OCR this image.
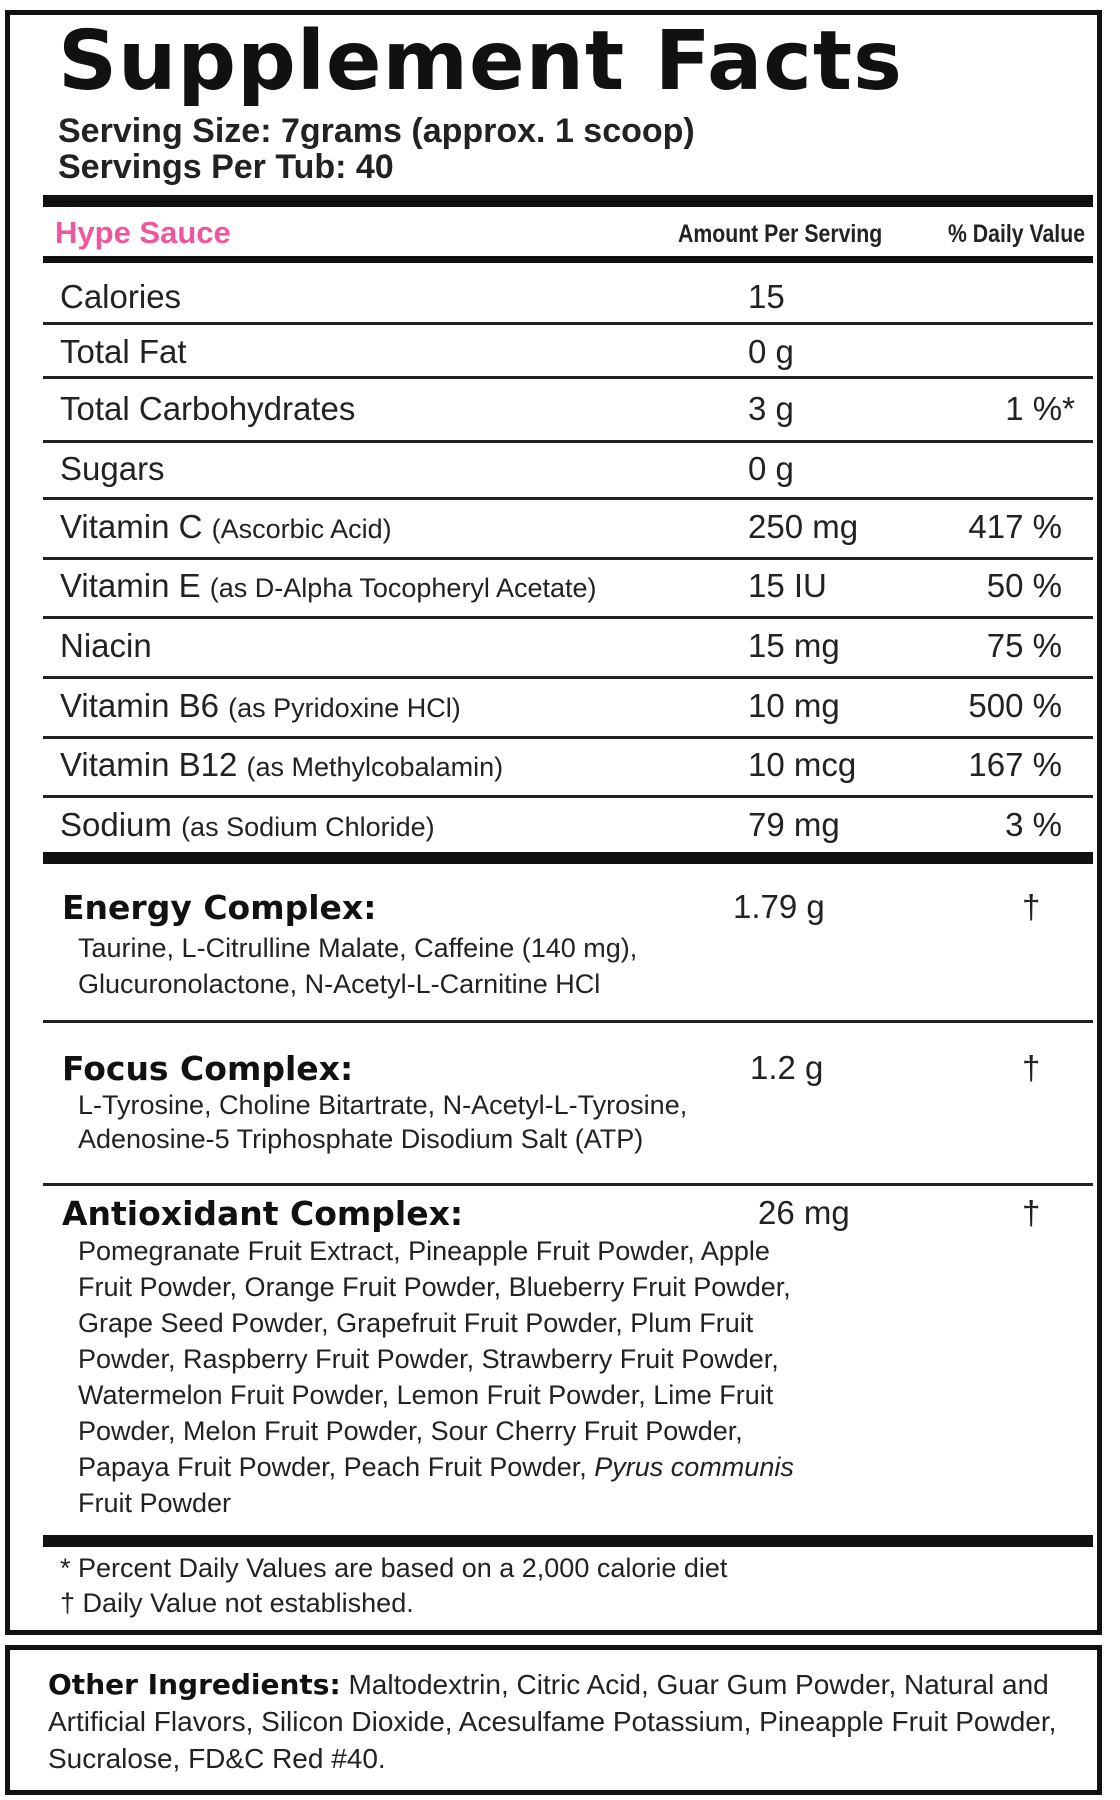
Supplement Facts
Serving Size: 7grams (approx. 1 scoop)
Servings Per Tub: 40
Hype Sauce	Amount Per Serving	% Daily Value
Calories	15
Total Fat	0 g
Total Carbohydrates	3 g	1 %*
Sugars	0 g
Vitamin C (Ascorbic Acid)	250 mg	417 %
Vitamin E (as D-Alpha Tocopheryl Acetate)	15 IU	50 %
Niacin	15 mg	75 %
Vitamin B6 (as Pyridoxine HCl)	10 mg	500 %
Vitamin B12 (as Methylcobalamin)	10 mcg	167 %
Sodium (as Sodium Chloride)	79 mg	3 %
Energy Complex:	1.79 g	†
Taurine, L-Citrulline Malate, Caffeine (140 mg), Glucuronolactone, N-Acetyl-L-Carnitine HCl
Focus Complex:	1.2 g	†
L-Tyrosine, Choline Bitartrate, N-Acetyl-L-Tyrosine, Adenosine-5 Triphosphate Disodium Salt (ATP)
Antioxidant Complex:	26 mg	†
Pomegranate Fruit Extract, Pineapple Fruit Powder, Apple Fruit Powder, Orange Fruit Powder, Blueberry Fruit Powder, Grape Seed Powder, Grapefruit Fruit Powder, Plum Fruit Powder, Raspberry Fruit Powder, Strawberry Fruit Powder, Watermelon Fruit Powder, Lemon Fruit Powder, Lime Fruit Powder, Melon Fruit Powder, Sour Cherry Fruit Powder, Papaya Fruit Powder, Peach Fruit Powder, Pyrus communis Fruit Powder
* Percent Daily Values are based on a 2,000 calorie diet
† Daily Value not established.

Other Ingredients: Maltodextrin, Citric Acid, Guar Gum Powder, Natural and Artificial Flavors, Silicon Dioxide, Acesulfame Potassium, Pineapple Fruit Powder, Sucralose, FD&C Red #40.
